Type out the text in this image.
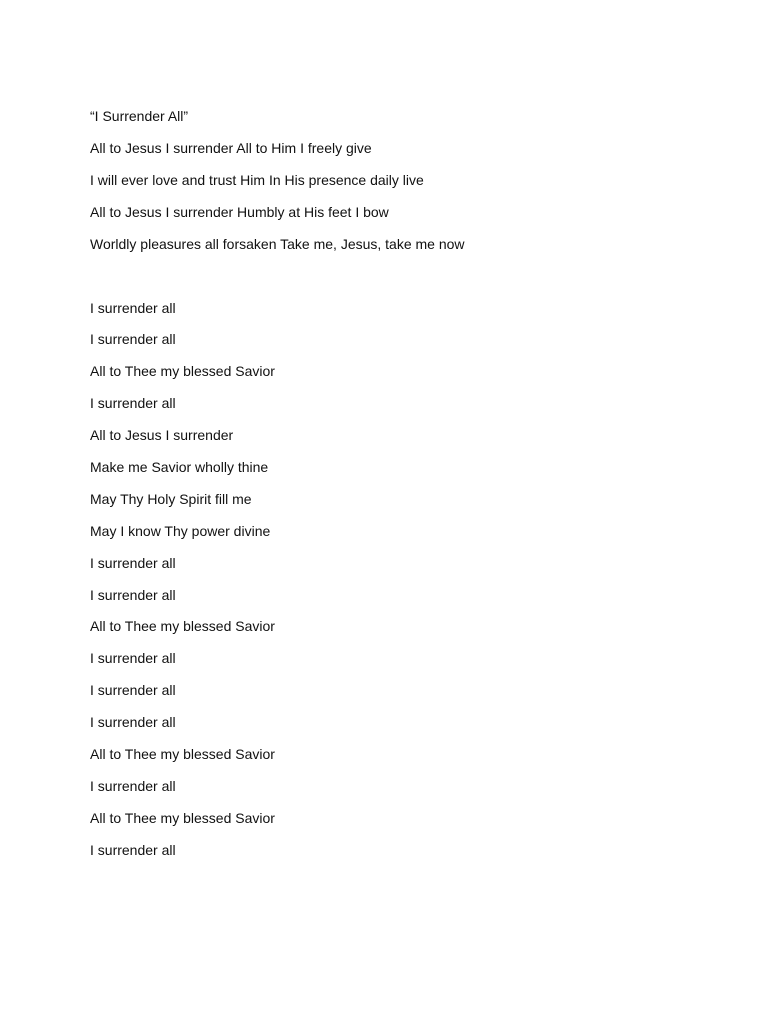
“I Surrender All”

All to Jesus I surrender All to Him I freely give

I will ever love and trust Him In His presence daily live

All to Jesus I surrender Humbly at His feet I bow

Worldly pleasures all forsaken Take me, Jesus, take me now

I surrender all

I surrender all

All to Thee my blessed Savior

I surrender all

All to Jesus I surrender

Make me Savior wholly thine

May Thy Holy Spirit fill me

May I know Thy power divine

I surrender all

I surrender all

All to Thee my blessed Savior

I surrender all

I surrender all

I surrender all

All to Thee my blessed Savior

I surrender all

All to Thee my blessed Savior

I surrender all
